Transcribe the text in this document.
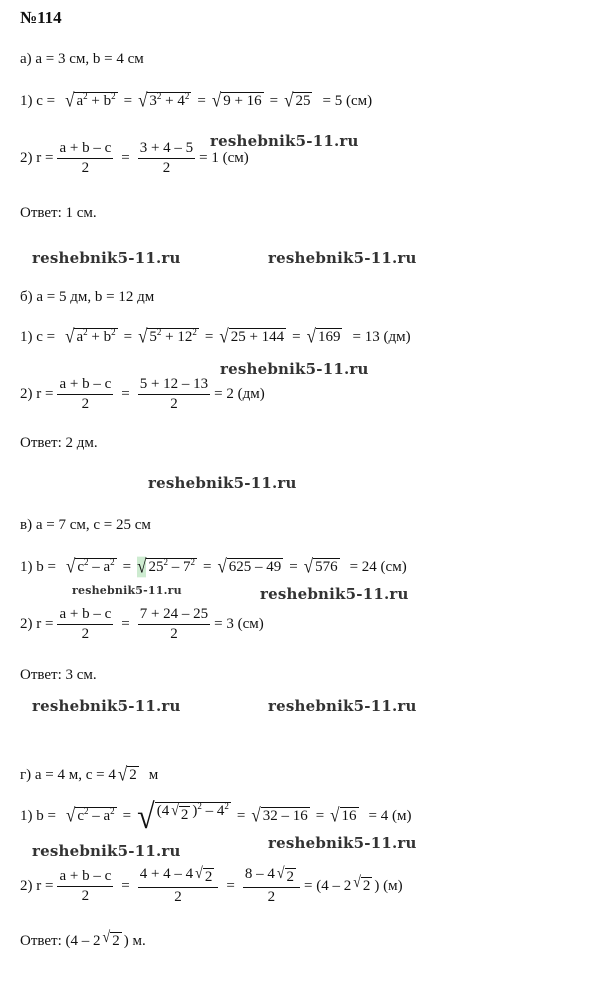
№114
а) a = 3 см, b = 4 см
1) c = √ $a^2 + b^2$ = √ $3^2 + 4^2$ = √ 9 + 16 = √ 25 = 5 (см)
2) $r = \frac{a + b - c}{2} = \frac{3 + 4 - 5}{2} = 1$ (см)
Ответ: 1 см.
б) a = 5 дм, b = 12 дм
1) c = √ $a^2 + b^2$ = √ $5^2 + 12^2$ = √ 25 + 144 = √ 169 = 13 (дм)
2) $r = \frac{a + b - c}{2} = \frac{5 + 12 - 13}{2} = 2$ (дм)
Ответ: 2 дм.
в) a = 7 см, c = 25 см
1) b = √ $c^2 - a^2$ = √ $25^2 - 7^2$ = √ 625 – 49 = √ 576 = 24 (см)
2) $r = \frac{a + b - c}{2} = \frac{7 + 24 - 25}{2} = 3$ (см)
Ответ: 3 см.
г) a = 4 м, c = 4 √ 2 м
1) b = √ $c^2 - a^2$ = √ (4 √ 2 )$^2 - 4^2$
= √ 32 – 16 = √ 16 = 4 (м)
2) $r = \frac{a + b - c}{2} = \frac{4 + 4 - 4 √ 2}{2} = \frac{8 - 4 √ 2}{2} = (4 - 2$ √ 2 ) (м)
Ответ: (4 – 2 √ 2 ) м.
reshebnik5-11.ru
reshebnik5-11.ru	reshebnik5-11.ru
reshebnik5-11.ru
reshebnik5-11.ru
reshebnik5-11.ru	reshebnik5-11.ru
reshebnik5-11.ru	reshebnik5-11.ru
reshebnik5-11.ru	reshebnik5-11.ru
